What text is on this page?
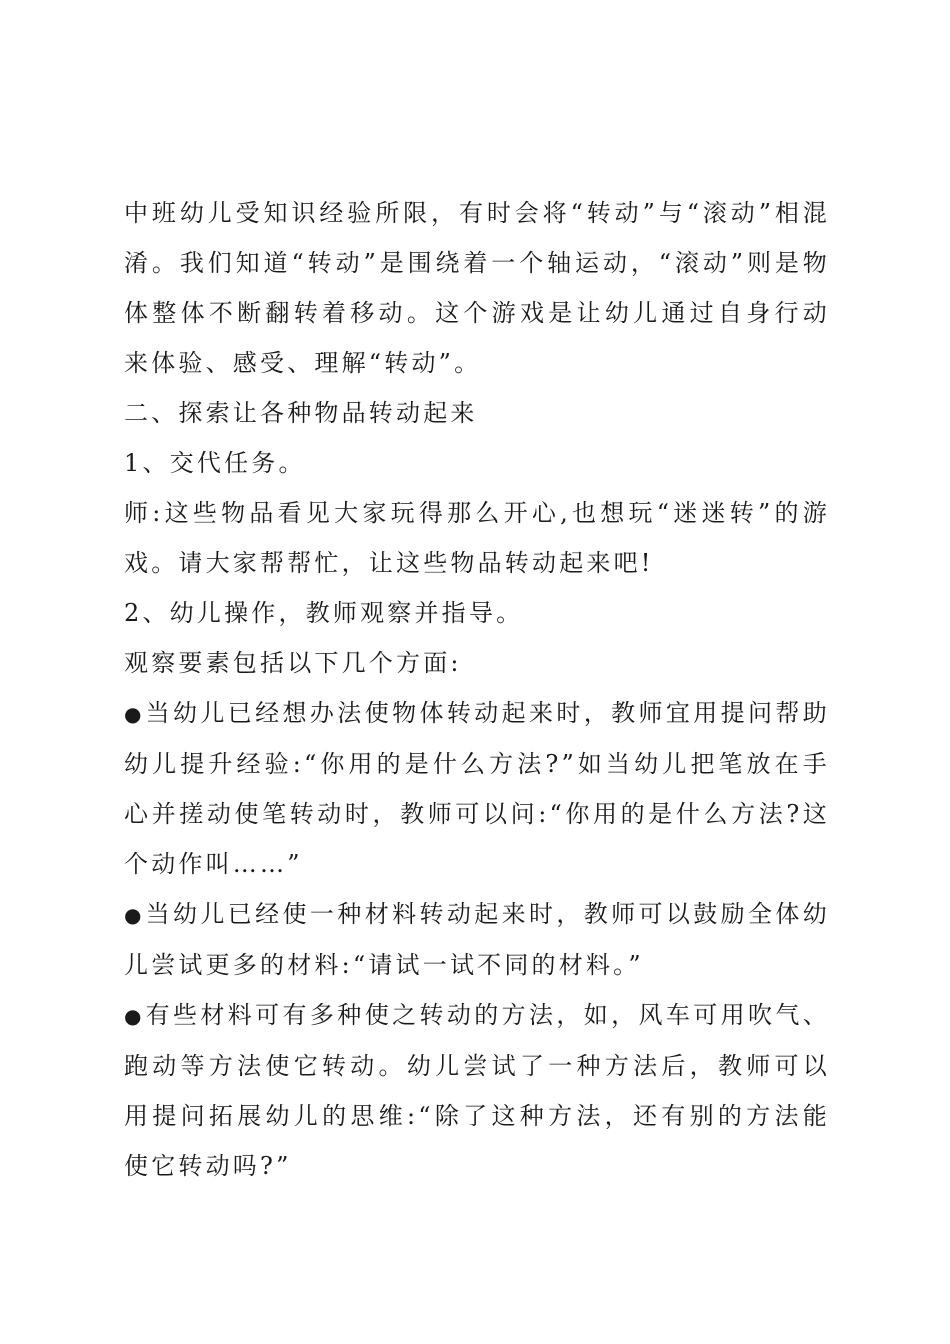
中班幼儿受知识经验所限，有时会将“转动”与“滚动”相混淆。我们知道“转动”是围绕着一个轴运动，“滚动”则是物体整体不断翻转着移动。这个游戏是让幼儿通过自身行动来体验、感受、理解“转动”。

二、探索让各种物品转动起来

1、交代任务。

师:这些物品看见大家玩得那么开心,也想玩“迷迷转”的游戏。请大家帮帮忙，让这些物品转动起来吧!

2、幼儿操作，教师观察并指导。

观察要素包括以下几个方面:

● 当幼儿已经想办法使物体转动起来时，教师宜用提问帮助幼儿提升经验:“你用的是什么方法?”如当幼儿把笔放在手心并搓动使笔转动时，教师可以问:“你用的是什么方法?这个动作叫……”

● 当幼儿已经使一种材料转动起来时，教师可以鼓励全体幼儿尝试更多的材料:“请试一试不同的材料。”

● 有些材料可有多种使之转动的方法，如，风车可用吹气、跑动等方法使它转动。幼儿尝试了一种方法后，教师可以用提问拓展幼儿的思维:“除了这种方法，还有别的方法能使它转动吗?”
